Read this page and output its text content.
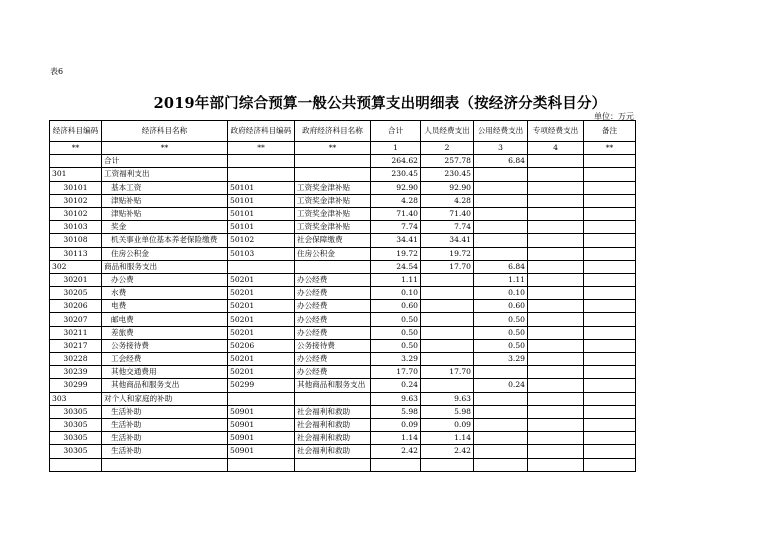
表6
2019年部门综合预算一般公共预算支出明细表（按经济分类科目分）
单位：万元
经济科目编码	经济科目名称	政府经济科目编码	政府经济科目名称	合计	人员经费支出	公用经费支出	专项经费支出	备注
**	**	**	**	1	2	3	4	**
	合计			264.62	257.78	6.84		
301	工资福利支出			230.45	230.45			
30101	基本工资	50101	工资奖金津补贴	92.90	92.90			
30102	津贴补贴	50101	工资奖金津补贴	4.28	4.28			
30102	津贴补贴	50101	工资奖金津补贴	71.40	71.40			
30103	奖金	50101	工资奖金津补贴	7.74	7.74			
30108	机关事业单位基本养老保险缴费	50102	社会保障缴费	34.41	34.41			
30113	住房公积金	50103	住房公积金	19.72	19.72			
302	商品和服务支出			24.54	17.70	6.84		
30201	办公费	50201	办公经费	1.11		1.11		
30205	水费	50201	办公经费	0.10		0.10		
30206	电费	50201	办公经费	0.60		0.60		
30207	邮电费	50201	办公经费	0.50		0.50		
30211	差旅费	50201	办公经费	0.50		0.50		
30217	公务接待费	50206	公务接待费	0.50		0.50		
30228	工会经费	50201	办公经费	3.29		3.29		
30239	其他交通费用	50201	办公经费	17.70	17.70			
30299	其他商品和服务支出	50299	其他商品和服务支出	0.24		0.24		
303	对个人和家庭的补助			9.63	9.63			
30305	生活补助	50901	社会福利和救助	5.98	5.98			
30305	生活补助	50901	社会福利和救助	0.09	0.09			
30305	生活补助	50901	社会福利和救助	1.14	1.14			
30305	生活补助	50901	社会福利和救助	2.42	2.42			
